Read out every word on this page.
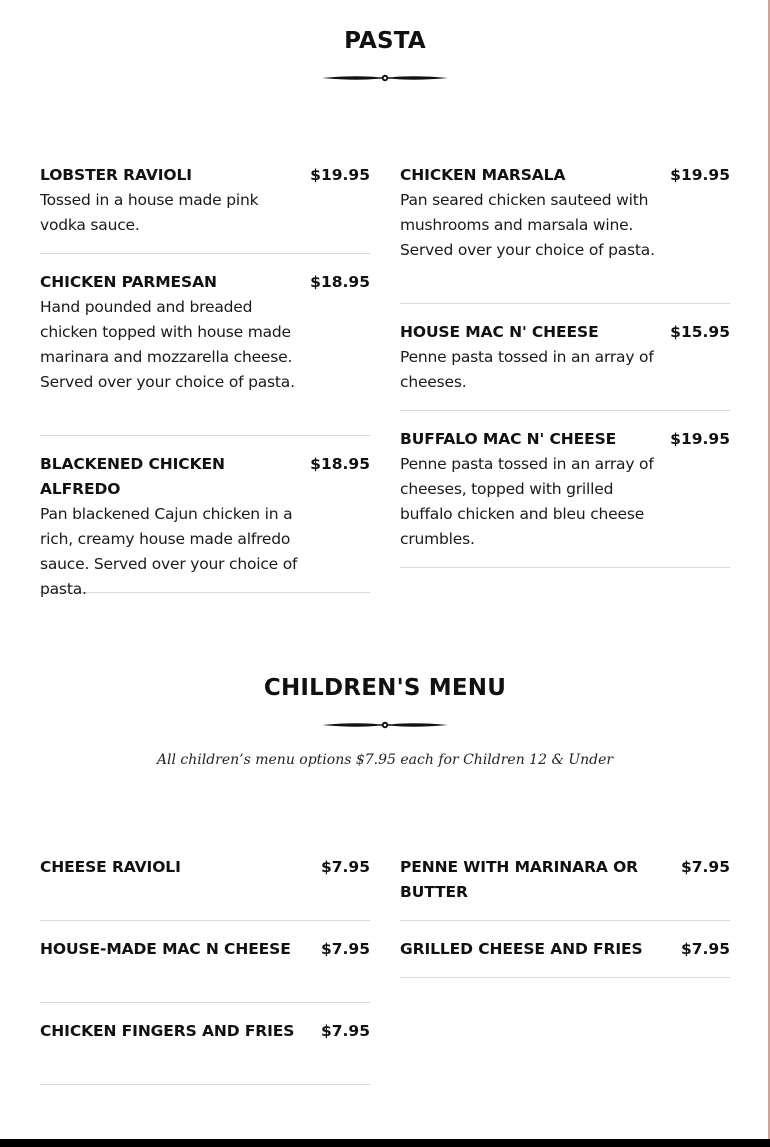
PASTA
LOBSTER RAVIOLI	$19.95
Tossed in a house made pink vodka sauce.
CHICKEN PARMESAN	$18.95
Hand pounded and breaded chicken topped with house made marinara and mozzarella cheese. Served over your choice of pasta.
BLACKENED CHICKEN ALFREDO
$18.95
Pan blackened Cajun chicken in a rich, creamy house made alfredo sauce. Served over your choice of pasta.
CHICKEN MARSALA	$19.95
Pan seared chicken sauteed with mushrooms and marsala wine. Served over your choice of pasta.
HOUSE MAC N' CHEESE	$15.95
Penne pasta tossed in an array of cheeses.
BUFFALO MAC N' CHEESE	$19.95
Penne pasta tossed in an array of cheeses, topped with grilled buffalo chicken and bleu cheese crumbles.
CHILDREN'S MENU
All children’s menu options $7.95 each for Children 12 & Under
CHEESE RAVIOLI	$7.95
HOUSE-MADE MAC N CHEESE $7.95
CHICKEN FINGERS AND FRIES $7.95
PENNE WITH MARINARA OR BUTTER
$7.95
GRILLED CHEESE AND FRIES $7.95
